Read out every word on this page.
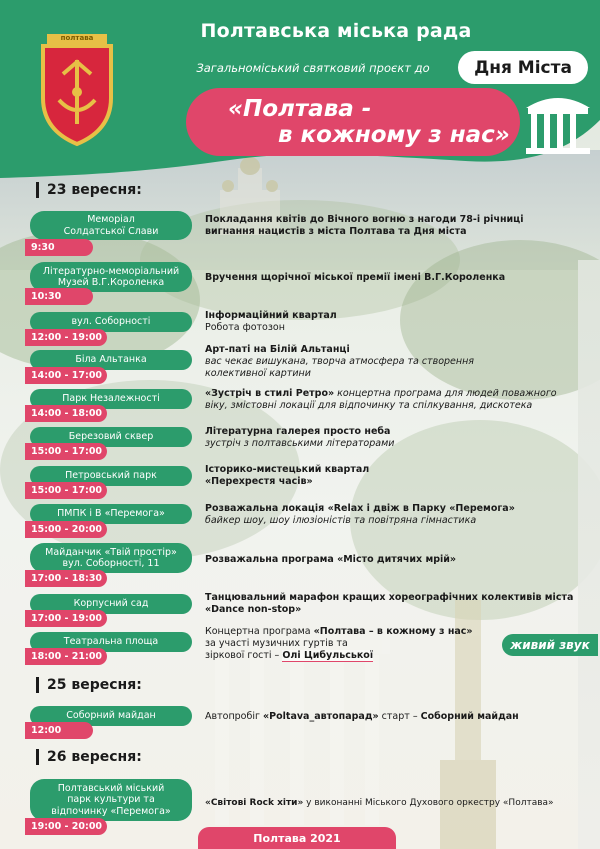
полтава	Полтавська міська рада
Загальноміський святковий проєкт до	Дня Міста
«Полтава -
в кожному з нас»
23 вересня:
25 вересня:
26 вересня:
Меморіал
Солдатської Слави
9:30
Покладання квітів до Вічного вогню з нагоди 78-і річниці
вигнання нацистів з міста Полтава та Дня міста
Літературно-меморіальний
Музей В.Г.Короленка
10:30
Вручення щорічної міської премії імені В.Г.Короленка
вул. Соборності
12:00 - 19:00
Інформаційний квартал
Робота фотозон
Біла Альтанка
14:00 - 17:00
Арт-паті на Білій Альтанці
вас чекає вишукана, творча атмосфера та створення
колективної картини
Парк Незалежності
14:00 - 18:00
«Зустріч в стилі Ретро» концертна програма для людей поважного
віку, змістовні локації для відпочинку та спілкування, дискотека
Березовий сквер
15:00 - 17:00
Літературна галерея просто неба
зустріч з полтавськими літераторами
Петровський парк
15:00 - 17:00
Історико-мистецький квартал
«Перехрестя часів»
ПМПК і В «Перемога»
15:00 - 20:00
Розважальна локація «Relax і двіж в Парку «Перемога»
байкер шоу, шоу ілюзіоністів та повітряна гімнастика
Майданчик «Твій простір»
вул. Соборності, 11
17:00 - 18:30
Розважальна програма «Місто дитячих мрій»
Корпусний сад
17:00 - 19:00
Танцювальний марафон кращих хореографічних колективів міста
«Dance non-stop»
Театральна площа
18:00 - 21:00
Концертна програма «Полтава – в кожному з нас»
за участі музичних гуртів та
зіркової гості – Олі Цибульської
живий звук
Соборний майдан
12:00
Автопробіг «Poltava_автопарад» старт – Соборний майдан
Полтавський міський
парк культури та
відпочинку «Перемога»
19:00 - 20:00
«Світові Rock хіти» у виконанні Міського Духового оркестру «Полтава»
Полтава 2021
